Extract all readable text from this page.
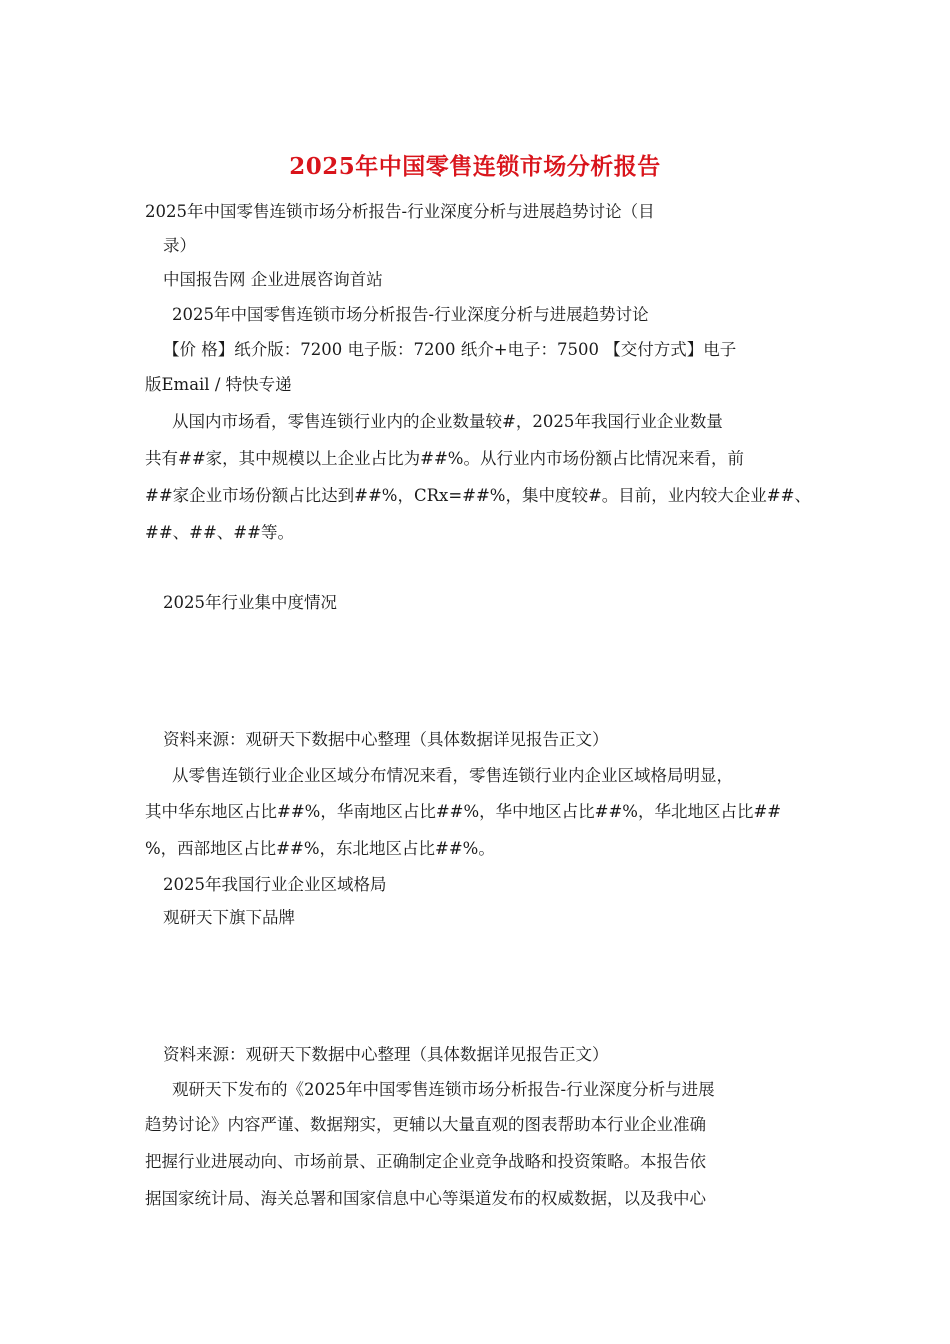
2025年中国零售连锁市场分析报告
2025年中国零售连锁市场分析报告-行业深度分析与进展趋势讨论（目
录）
中国报告网 企业进展咨询首站
2025年中国零售连锁市场分析报告-行业深度分析与进展趋势讨论
【价 格】纸介版：7200 电子版：7200 纸介+电子：7500 【交付方式】电子
版Email / 特快专递
从国内市场看，零售连锁行业内的企业数量较#，2025年我国行业企业数量
共有##家，其中规模以上企业占比为##%。从行业内市场份额占比情况来看，前
##家企业市场份额占比达到##%，CRx=##%，集中度较#。目前，业内较大企业##、
##、##、##等。
2025年行业集中度情况
资料来源：观研天下数据中心整理（具体数据详见报告正文）
从零售连锁行业企业区域分布情况来看，零售连锁行业内企业区域格局明显，
其中华东地区占比##%，华南地区占比##%，华中地区占比##%，华北地区占比##
%，西部地区占比##%，东北地区占比##%。
2025年我国行业企业区域格局
观研天下旗下品牌
资料来源：观研天下数据中心整理（具体数据详见报告正文）
观研天下发布的《2025年中国零售连锁市场分析报告-行业深度分析与进展
趋势讨论》内容严谨、数据翔实，更辅以大量直观的图表帮助本行业企业准确
把握行业进展动向、市场前景、正确制定企业竞争战略和投资策略。本报告依
据国家统计局、海关总署和国家信息中心等渠道发布的权威数据，以及我中心
